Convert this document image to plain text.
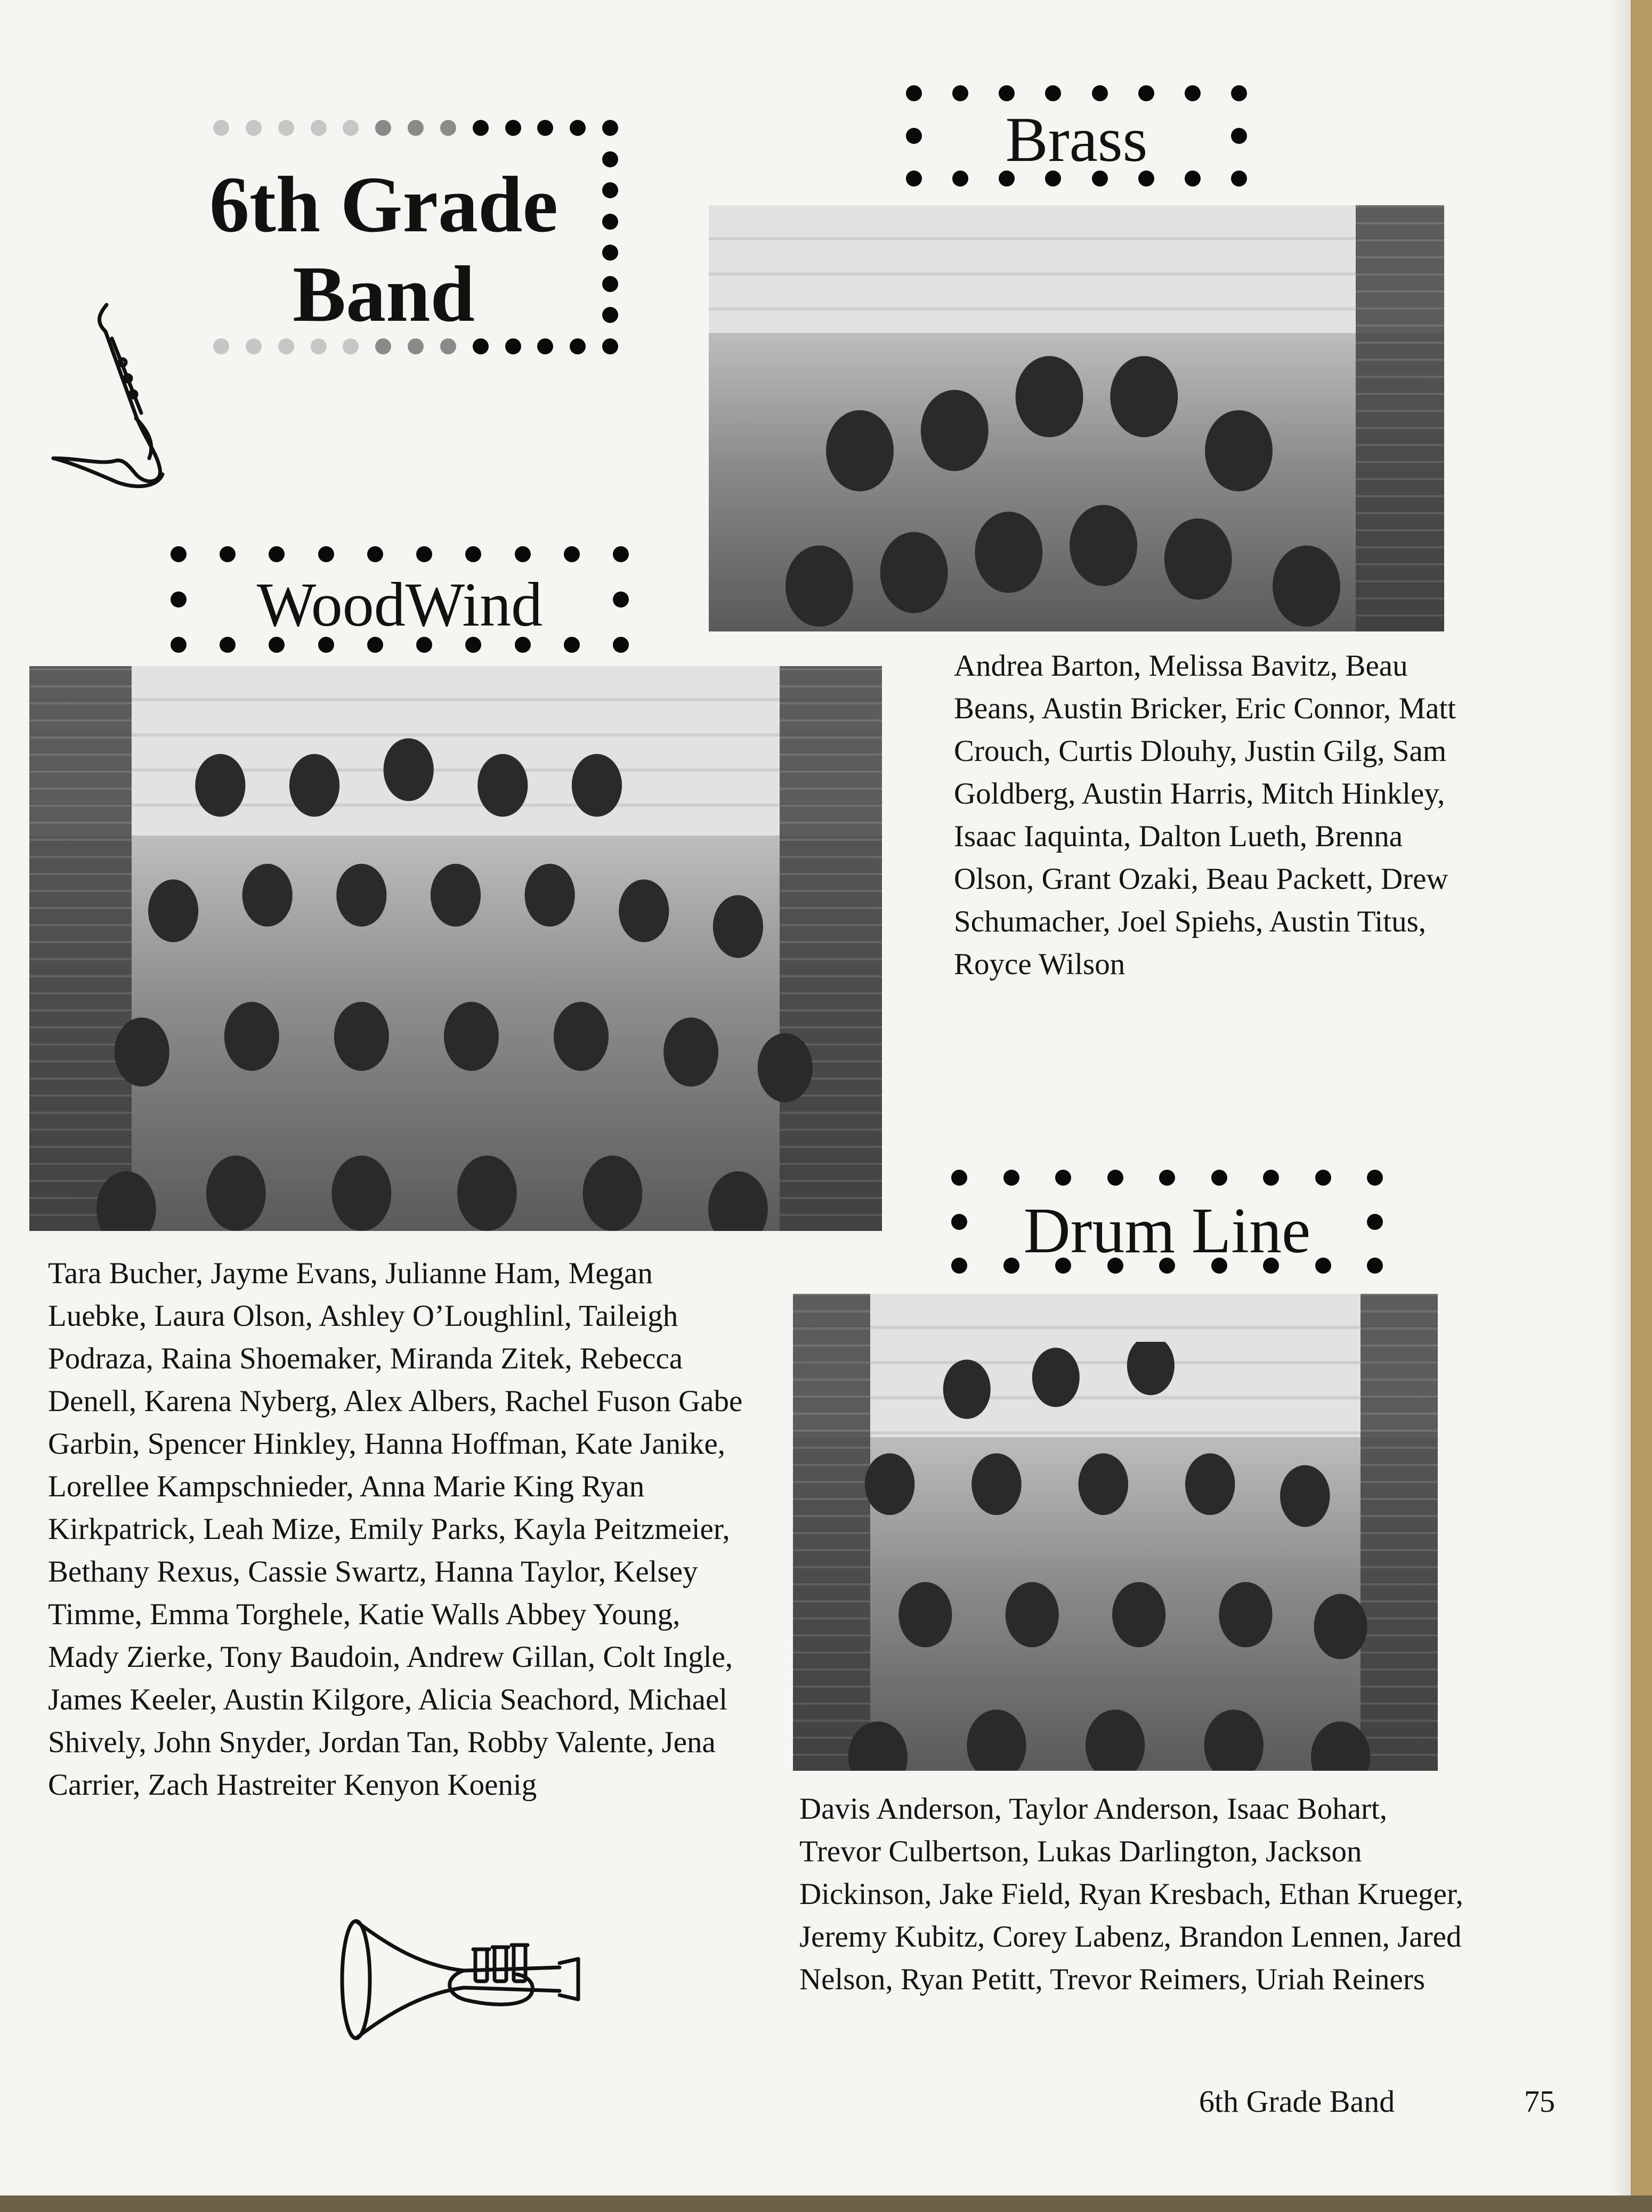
6th Grade Band
Brass
Andrea Barton, Melissa Bavitz, Beau Beans, Austin Bricker, Eric Connor, Matt Crouch, Curtis Dlouhy, Justin Gilg, Sam Goldberg, Austin Harris, Mitch Hinkley, Isaac Iaquinta, Dalton Lueth, Brenna Olson, Grant Ozaki, Beau Packett, Drew Schumacher, Joel Spiehs, Austin Titus, Royce Wilson
WoodWind
Tara Bucher, Jayme Evans, Julianne Ham, Megan Luebke, Laura Olson, Ashley O’Loughlinl, Taileigh Podraza, Raina Shoemaker, Miranda Zitek, Rebecca Denell, Karena Nyberg, Alex Albers, Rachel Fuson Gabe Garbin, Spencer Hinkley, Hanna Hoffman, Kate Janike, Lorellee Kampschnieder, Anna Marie King Ryan Kirkpatrick, Leah Mize, Emily Parks, Kayla Peitzmeier, Bethany Rexus, Cassie Swartz, Hanna Taylor, Kelsey Timme, Emma Torghele, Katie Walls Abbey Young, Mady Zierke, Tony Baudoin, Andrew Gillan, Colt Ingle, James Keeler, Austin Kilgore, Alicia Seachord, Michael Shively, John Snyder, Jordan Tan, Robby Valente, Jena Carrier, Zach Hastreiter Kenyon Koenig
Drum Line
Davis Anderson, Taylor Anderson, Isaac Bohart, Trevor Culbertson, Lukas Darlington, Jackson Dickinson, Jake Field, Ryan Kresbach, Ethan Krueger, Jeremy Kubitz, Corey Labenz, Brandon Lennen, Jared Nelson, Ryan Petitt, Trevor Reimers, Uriah Reiners
6th Grade Band	75
